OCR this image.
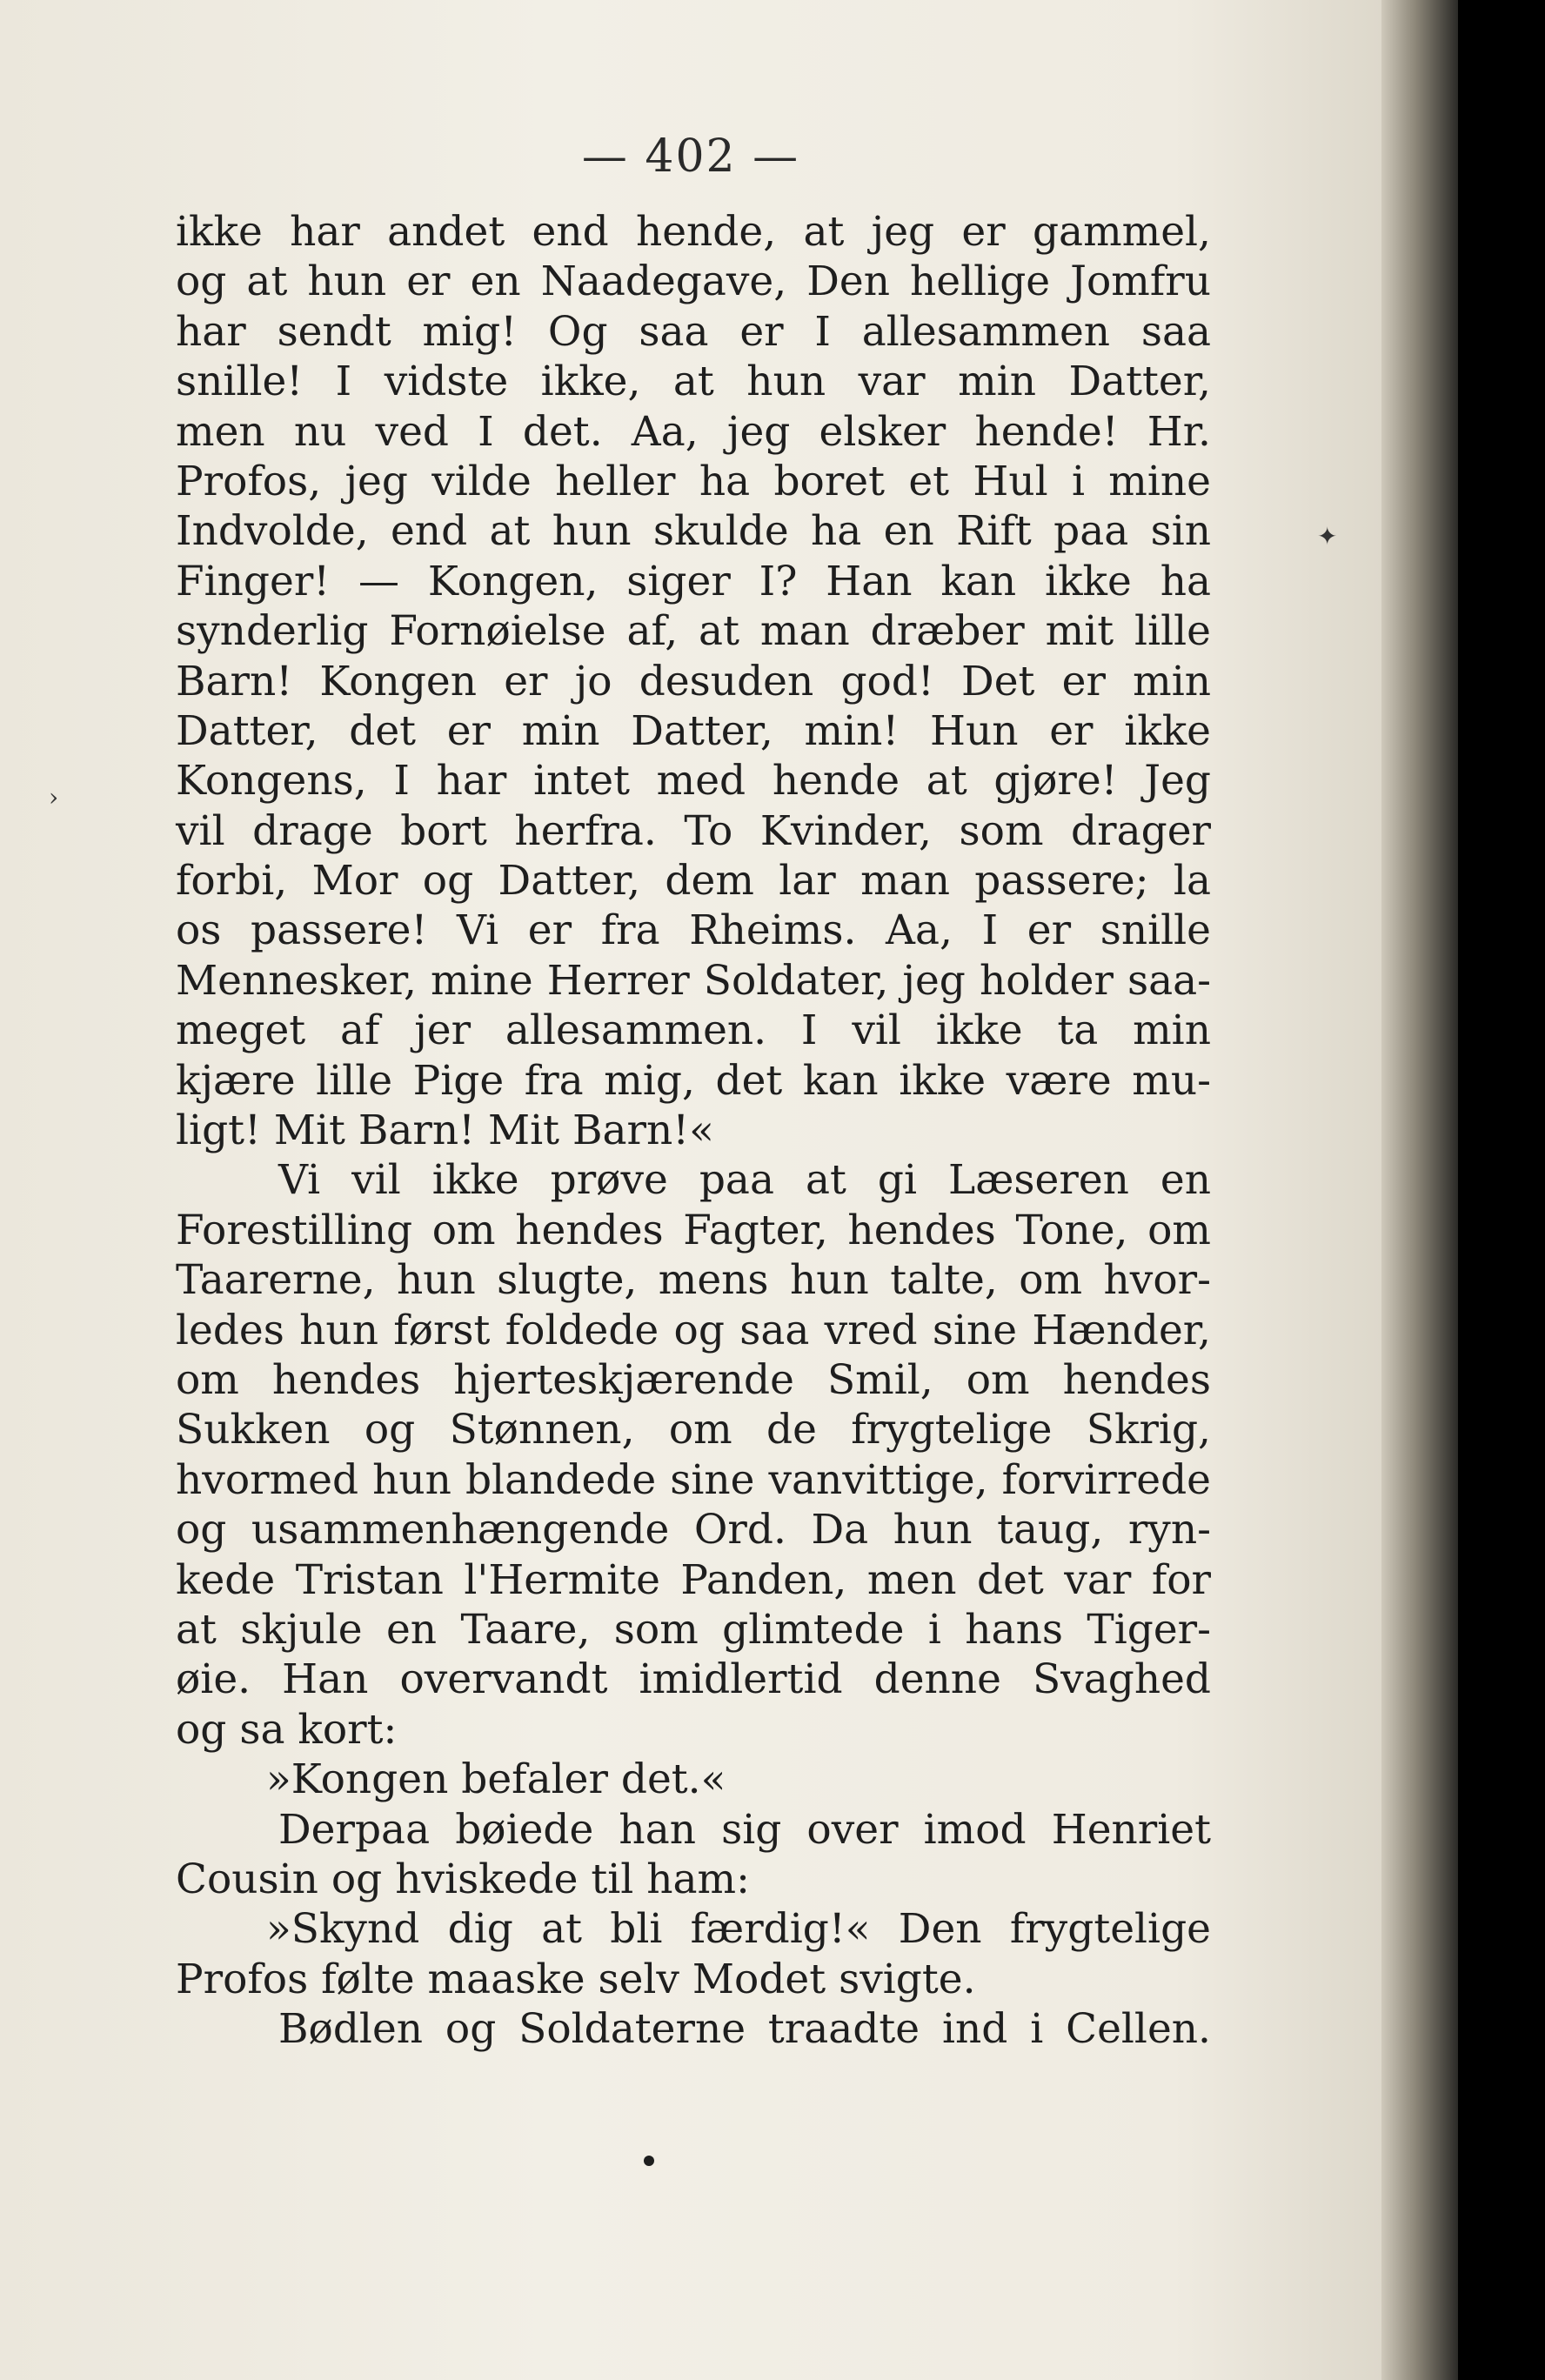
— 402 —
ikke har andet end hende, at jeg er gammel,
og at hun er en Naadegave, Den hellige Jomfru
har sendt mig! Og saa er I allesammen saa
snille! I vidste ikke, at hun var min Datter,
men nu ved I det. Aa, jeg elsker hende! Hr.
Profos, jeg vilde heller ha boret et Hul i mine
Indvolde, end at hun skulde ha en Rift paa sin
Finger! — Kongen, siger I? Han kan ikke ha
synderlig Fornøielse af, at man dræber mit lille
Barn! Kongen er jo desuden god! Det er min
Datter, det er min Datter, min! Hun er ikke
Kongens, I har intet med hende at gjøre! Jeg
vil drage bort herfra. To Kvinder, som drager
forbi, Mor og Datter, dem lar man passere; la
os passere! Vi er fra Rheims. Aa, I er snille
Mennesker, mine Herrer Soldater, jeg holder saa-
meget af jer allesammen. I vil ikke ta min
kjære lille Pige fra mig, det kan ikke være mu-
ligt! Mit Barn! Mit Barn!«
Vi vil ikke prøve paa at gi Læseren en
Forestilling om hendes Fagter, hendes Tone, om
Taarerne, hun slugte, mens hun talte, om hvor-
ledes hun først foldede og saa vred sine Hænder,
om hendes hjerteskjærende Smil, om hendes
Sukken og Stønnen, om de frygtelige Skrig,
hvormed hun blandede sine vanvittige, forvirrede
og usammenhængende Ord. Da hun taug, ryn-
kede Tristan l'Hermite Panden, men det var for
at skjule en Taare, som glimtede i hans Tiger-
øie. Han overvandt imidlertid denne Svaghed
og sa kort:
»Kongen befaler det.«
Derpaa bøiede han sig over imod Henriet
Cousin og hviskede til ham:
»Skynd dig at bli færdig!« Den frygtelige
Profos følte maaske selv Modet svigte.
Bødlen og Soldaterne traadte ind i Cellen.
✦
›
